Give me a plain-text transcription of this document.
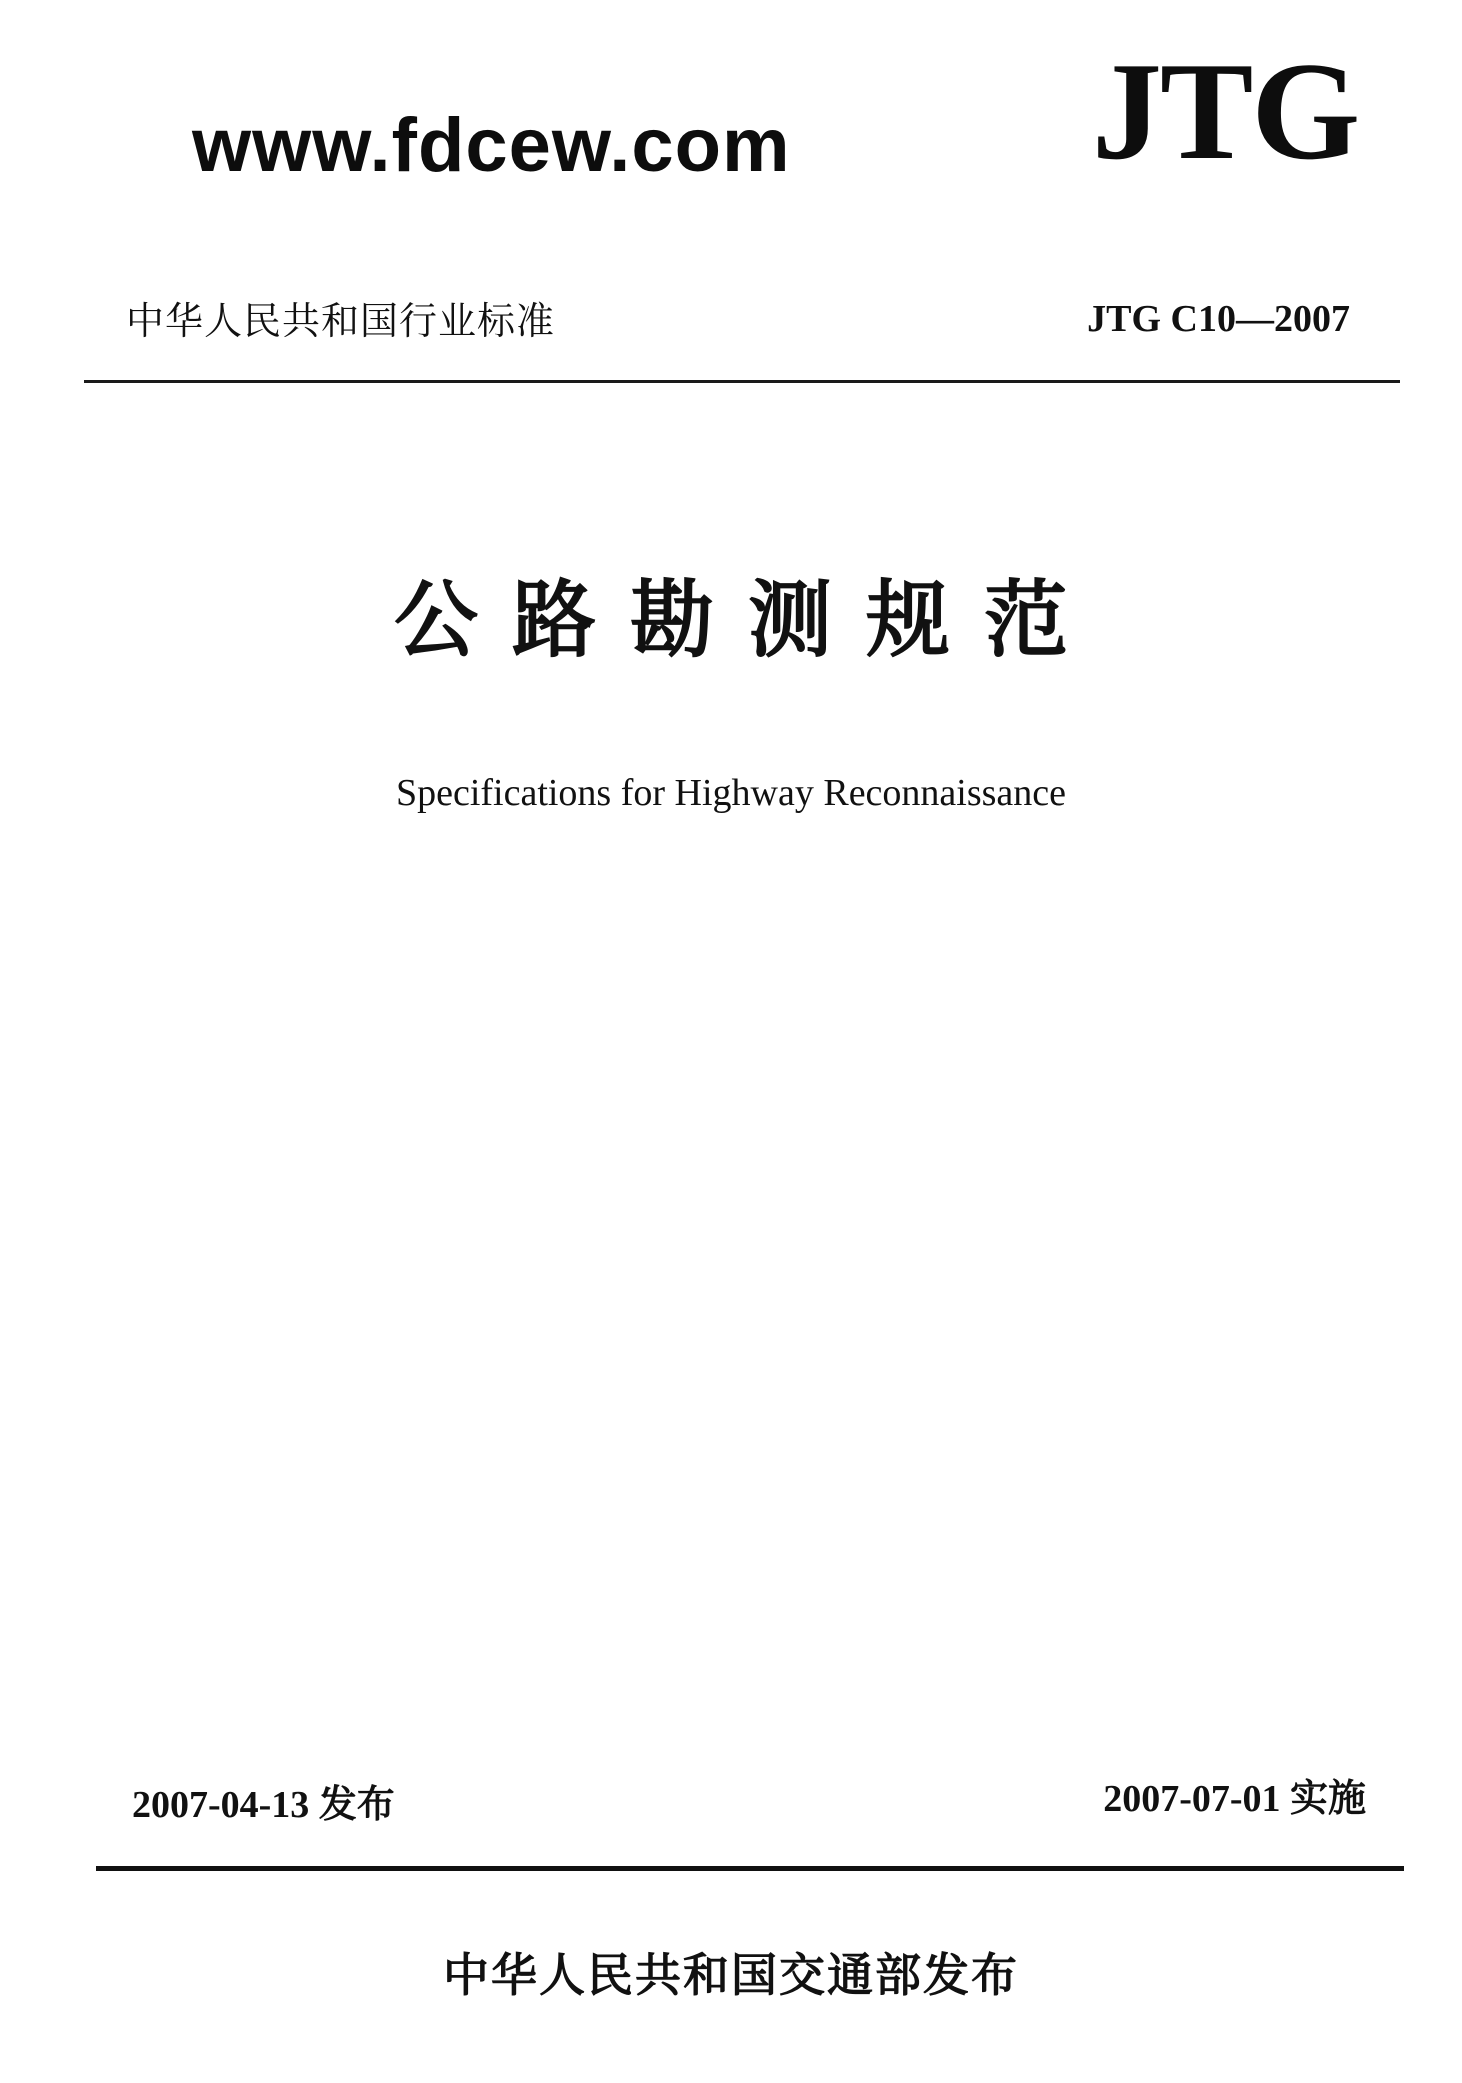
www.fdcew.com JTG
中华人民共和国行业标准	JTG C10—2007
公路勘测规范
Specifications for Highway Reconnaissance
2007-04-13 发布	2007-07-01 实施
中华人民共和国交通部发布
